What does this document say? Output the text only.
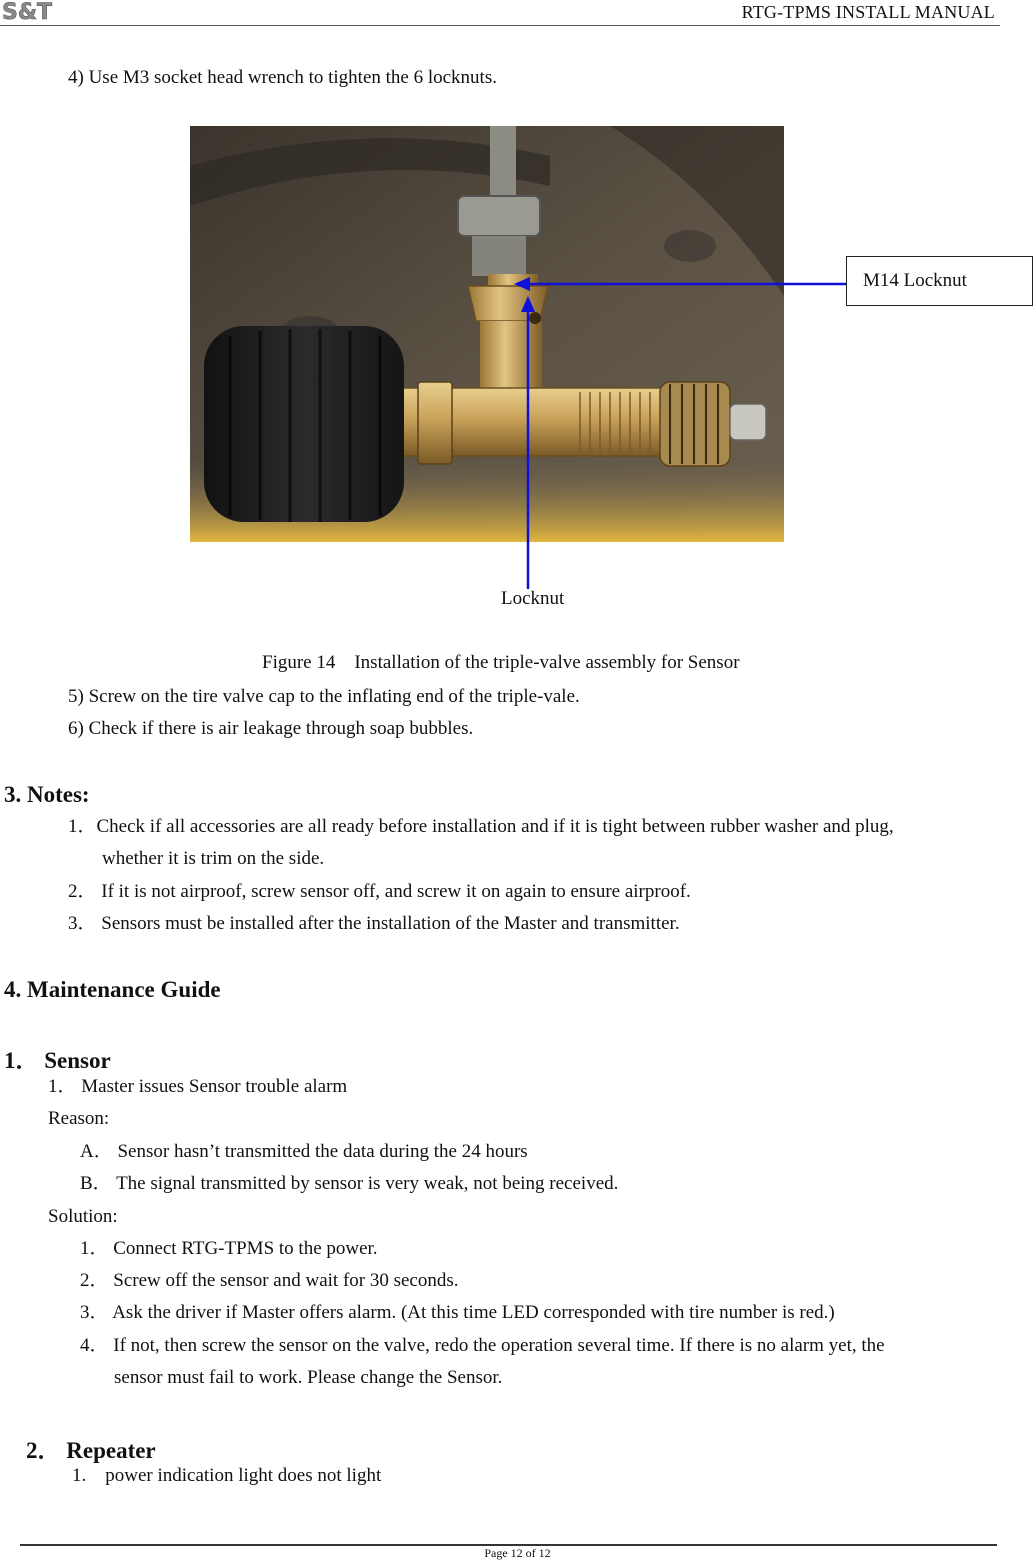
S&T	RTG-TPMS INSTALL MANUAL
4) Use M3 socket head wrench to tighten the 6 locknuts.
M14 Locknut
Locknut
Figure 14    Installation of the triple-valve assembly for Sensor
5) Screw on the tire valve cap to the inflating end of the triple-vale.
6) Check if there is air leakage through soap bubbles.
3. Notes:
1．Check if all accessories are all ready before installation and if it is tight between rubber washer and plug,
whether it is trim on the side.
2． If it is not airproof, screw sensor off, and screw it on again to ensure airproof.
3． Sensors must be installed after the installation of the Master and transmitter.
4. Maintenance Guide
1． Sensor
1． Master issues Sensor trouble alarm
Reason:
A． Sensor hasn’t transmitted the data during the 24 hours
B． The signal transmitted by sensor is very weak, not being received.
Solution:
1． Connect RTG-TPMS to the power.
2． Screw off the sensor and wait for 30 seconds.
3． Ask the driver if Master offers alarm. (At this time LED corresponded with tire number is red.)
4． If not, then screw the sensor on the valve, redo the operation several time. If there is no alarm yet, the
sensor must fail to work. Please change the Sensor.
2． Repeater
1.    power indication light does not light
Page 12 of 12
